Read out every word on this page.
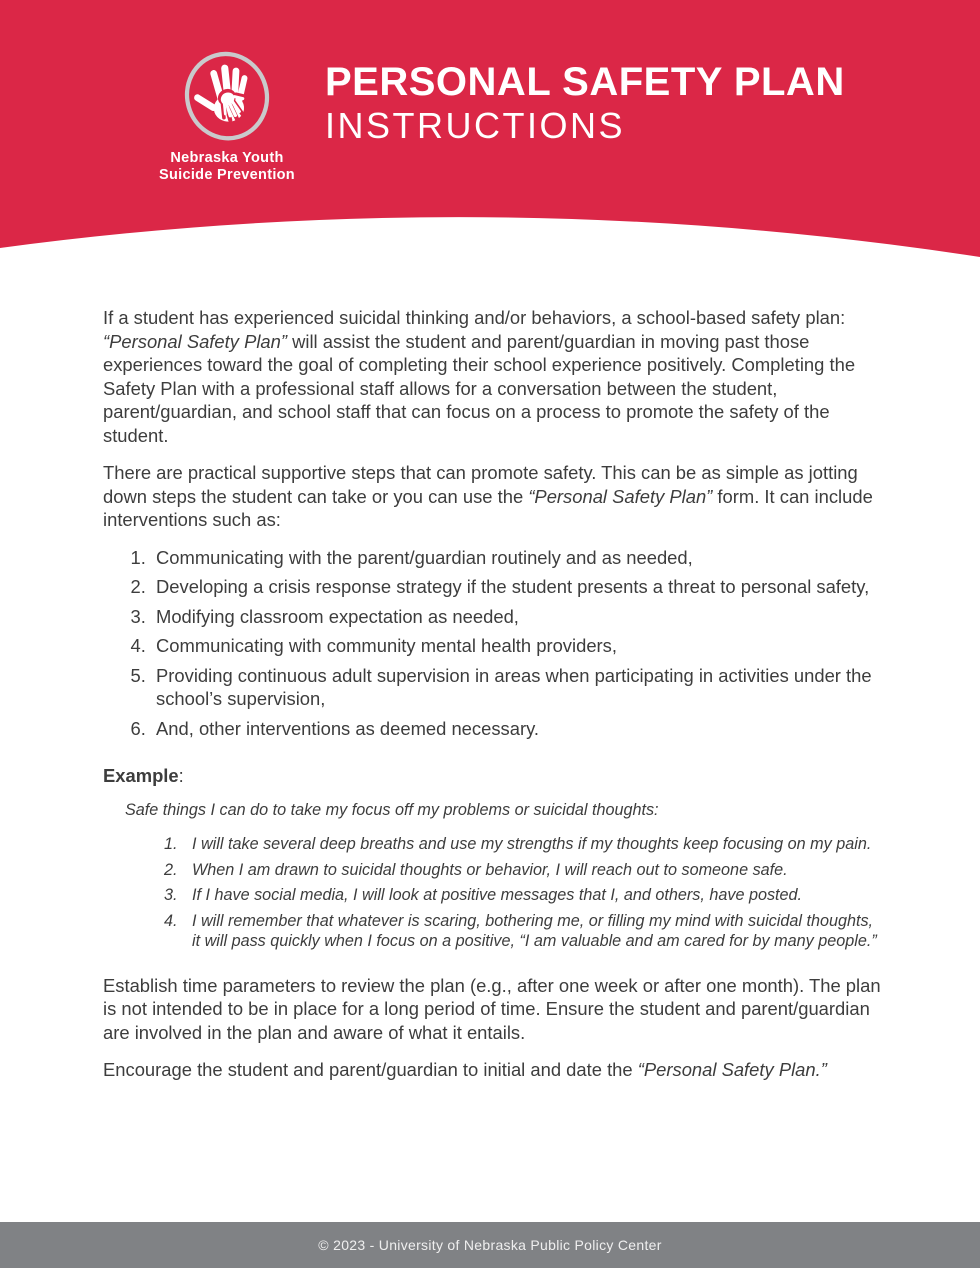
Nebraska Youth
Suicide Prevention
PERSONAL SAFETY PLAN
INSTRUCTIONS

If a student has experienced suicidal thinking and/or behaviors, a school-based safety plan: “Personal Safety Plan” will assist the student and parent/guardian in moving past those experiences toward the goal of completing their school experience positively. Completing the Safety Plan with a professional staff allows for a conversation between the student, parent/guardian, and school staff that can focus on a process to promote the safety of the student.

There are practical supportive steps that can promote safety. This can be as simple as jotting down steps the student can take or you can use the “Personal Safety Plan” form. It can include interventions such as:

1. Communicating with the parent/guardian routinely and as needed,
2. Developing a crisis response strategy if the student presents a threat to personal safety,
3. Modifying classroom expectation as needed,
4. Communicating with community mental health providers,
5. Providing continuous adult supervision in areas when participating in activities under the school’s supervision,
6. And, other interventions as deemed necessary.
Example:
Safe things I can do to take my focus off my problems or suicidal thoughts:
1. I will take several deep breaths and use my strengths if my thoughts keep focusing on my pain.
2. When I am drawn to suicidal thoughts or behavior, I will reach out to someone safe.
3. If I have social media, I will look at positive messages that I, and others, have posted.
4. I will remember that whatever is scaring, bothering me, or filling my mind with suicidal thoughts, it will pass quickly when I focus on a positive, “I am valuable and am cared for by many people.”

Establish time parameters to review the plan (e.g., after one week or after one month). The plan is not intended to be in place for a long period of time. Ensure the student and parent/guardian are involved in the plan and aware of what it entails.

Encourage the student and parent/guardian to initial and date the “Personal Safety Plan.”

© 2023 - University of Nebraska Public Policy Center
